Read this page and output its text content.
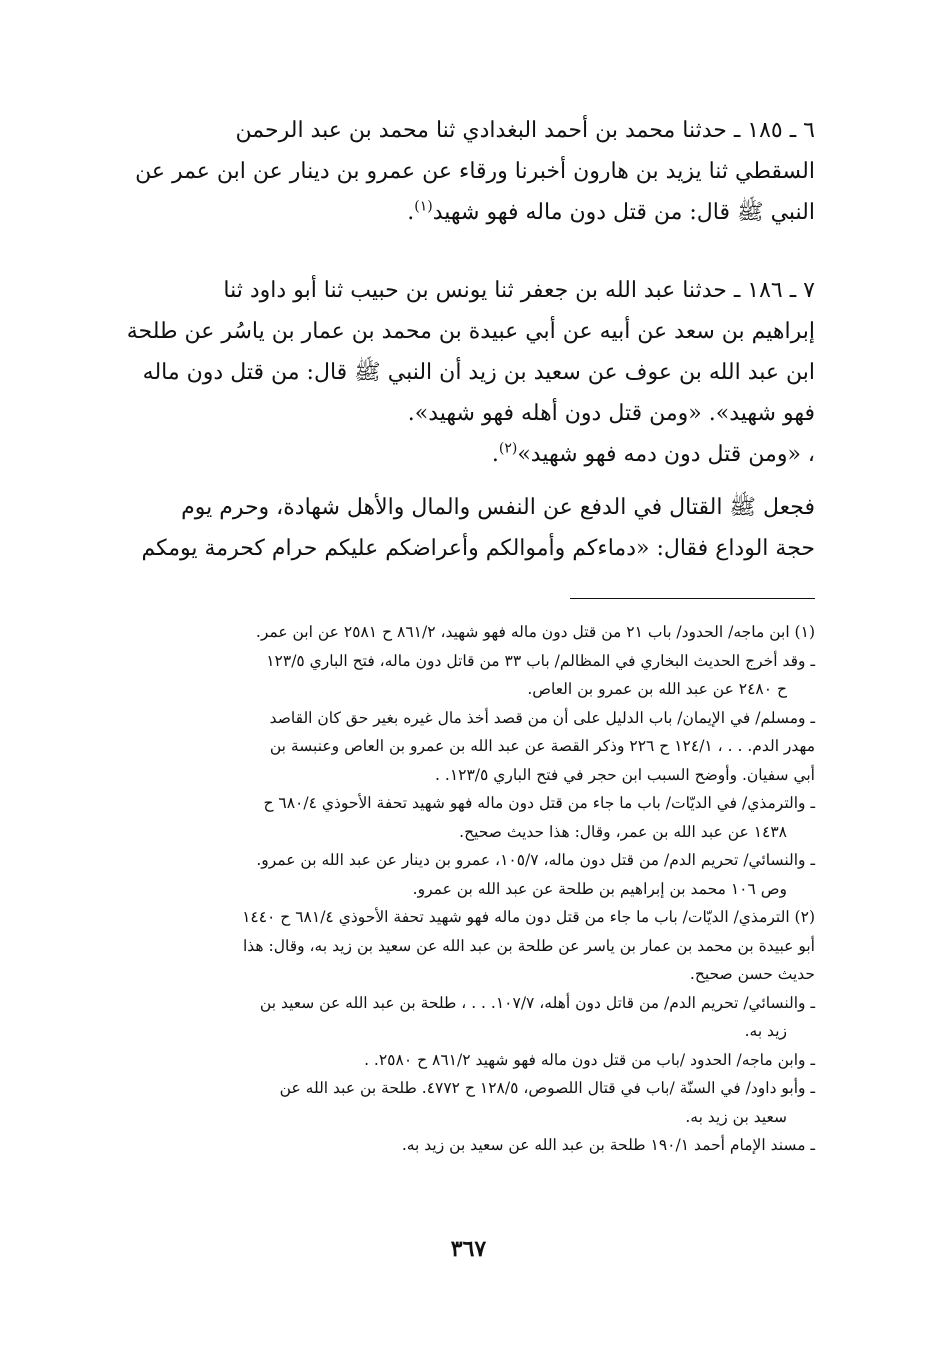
٦ ـ ١٨٥ ـ حدثنا محمد بن أحمد البغدادي ثنا محمد بن عبد الرحمن

السقطي ثنا يزيد بن هارون أخبرنا ورقاء عن عمرو بن دينار عن ابن عمر عن

النبي ﷺ قال: من قتل دون ماله فهو شهيد$^{(١)}$.

٧ ـ ١٨٦ ـ حدثنا عبد الله بن جعفر ثنا يونس بن حبيب ثنا أبو داود ثنا

إبراهيم بن سعد عن أبيه عن أبي عبيدة بن محمد بن عمار بن ياسُر عن طلحة

ابن عبد الله بن عوف عن سعيد بن زيد أن النبي ﷺ قال: من قتل دون ماله

فهو شهيد». «ومن قتل دون أهله فهو شهيد».

، «ومن قتل دون دمه فهو شهيد»$^{(٢)}$.

فجعل ﷺ القتال في الدفع عن النفس والمال والأهل شهادة، وحرم يوم

حجة الوداع فقال: «دماءكم وأموالكم وأعراضكم عليكم حرام كحرمة يومكم

(١) ابن ماجه/ الحدود/ باب ٢١ من قتل دون ماله فهو شهيد، ٨٦١/٢ ح ٢٥٨١ عن ابن عمر.

ـ وقد أخرج الحديث البخاري في المظالم/ باب ٣٣ من قاتل دون ماله، فتح الباري ١٢٣/٥

ح ٢٤٨٠ عن عبد الله بن عمرو بن العاص.

ـ ومسلم/ في الإيمان/ باب الدليل على أن من قصد أخذ مال غيره بغير حق كان القاصد

مهدر الدم. . . ، ١٢٤/١ ح ٢٢٦ وذكر القصة عن عبد الله بن عمرو بن العاص وعنبسة بن

أبي سفيان. وأوضح السبب ابن حجر في فتح الباري ١٢٣/٥. .

ـ والترمذي/ في الديّات/ باب ما جاء من قتل دون ماله فهو شهيد تحفة الأحوذي ٦٨٠/٤ ح

١٤٣٨ عن عبد الله بن عمر، وقال: هذا حديث صحيح.

ـ والنسائي/ تحريم الدم/ من قتل دون ماله، ١٠٥/٧، عمرو بن دينار عن عبد الله بن عمرو.

وص ١٠٦ محمد بن إبراهيم بن طلحة عن عبد الله بن عمرو.

(٢) الترمذي/ الديّات/ باب ما جاء من قتل دون ماله فهو شهيد تحفة الأحوذي ٦٨١/٤ ح ١٤٤٠

أبو عبيدة بن محمد بن عمار بن ياسر عن طلحة بن عبد الله عن سعيد بن زيد به، وقال: هذا

حديث حسن صحيح.

ـ والنسائي/ تحريم الدم/ من قاتل دون أهله، ١٠٧/٧. . . ، طلحة بن عبد الله عن سعيد بن

زيد به.

ـ وابن ماجه/ الحدود /باب من قتل دون ماله فهو شهيد ٨٦١/٢ ح ٢٥٨٠. .

ـ وأبو داود/ في السنّة /باب في قتال اللصوص، ١٢٨/٥ ح ٤٧٧٢. طلحة بن عبد الله عن

سعيد بن زيد به.

ـ مسند الإمام أحمد ١٩٠/١ طلحة بن عبد الله عن سعيد بن زيد به.

٣٦٧
